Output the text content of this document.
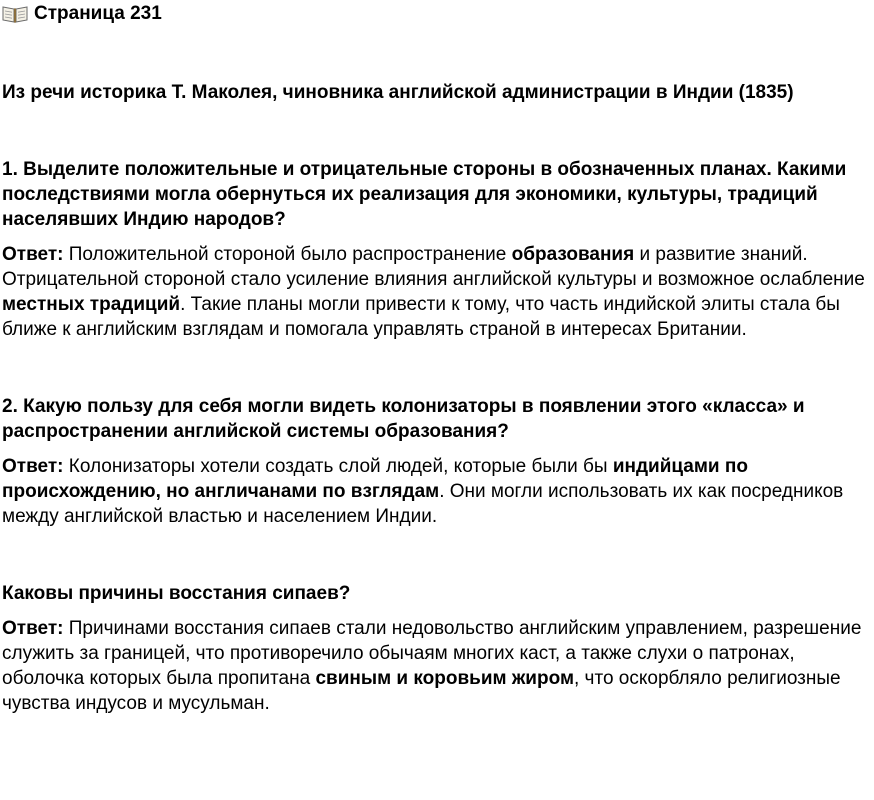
Страница 231
Из речи историка Т. Маколея, чиновника английской администрации в Индии (1835)
1. Выделите положительные и отрицательные стороны в обозначенных планах. Какими последствиями могла обернуться их реализация для экономики, культуры, традиций населявших Индию народов?
Ответ: Положительной стороной было распространение образования и развитие знаний. Отрицательной стороной стало усиление влияния английской культуры и возможное ослабление местных традиций. Такие планы могли привести к тому, что часть индийской элиты стала бы ближе к английским взглядам и помогала управлять страной в интересах Британии.
2. Какую пользу для себя могли видеть колонизаторы в появлении этого «класса» и распространении английской системы образования?
Ответ: Колонизаторы хотели создать слой людей, которые были бы индийцами по происхождению, но англичанами по взглядам. Они могли использовать их как посредников между английской властью и населением Индии.
Каковы причины восстания сипаев?
Ответ: Причинами восстания сипаев стали недовольство английским управлением, разрешение служить за границей, что противоречило обычаям многих каст, а также слухи о патронах, оболочка которых была пропитана свиным и коровьим жиром, что оскорбляло религиозные чувства индусов и мусульман.
